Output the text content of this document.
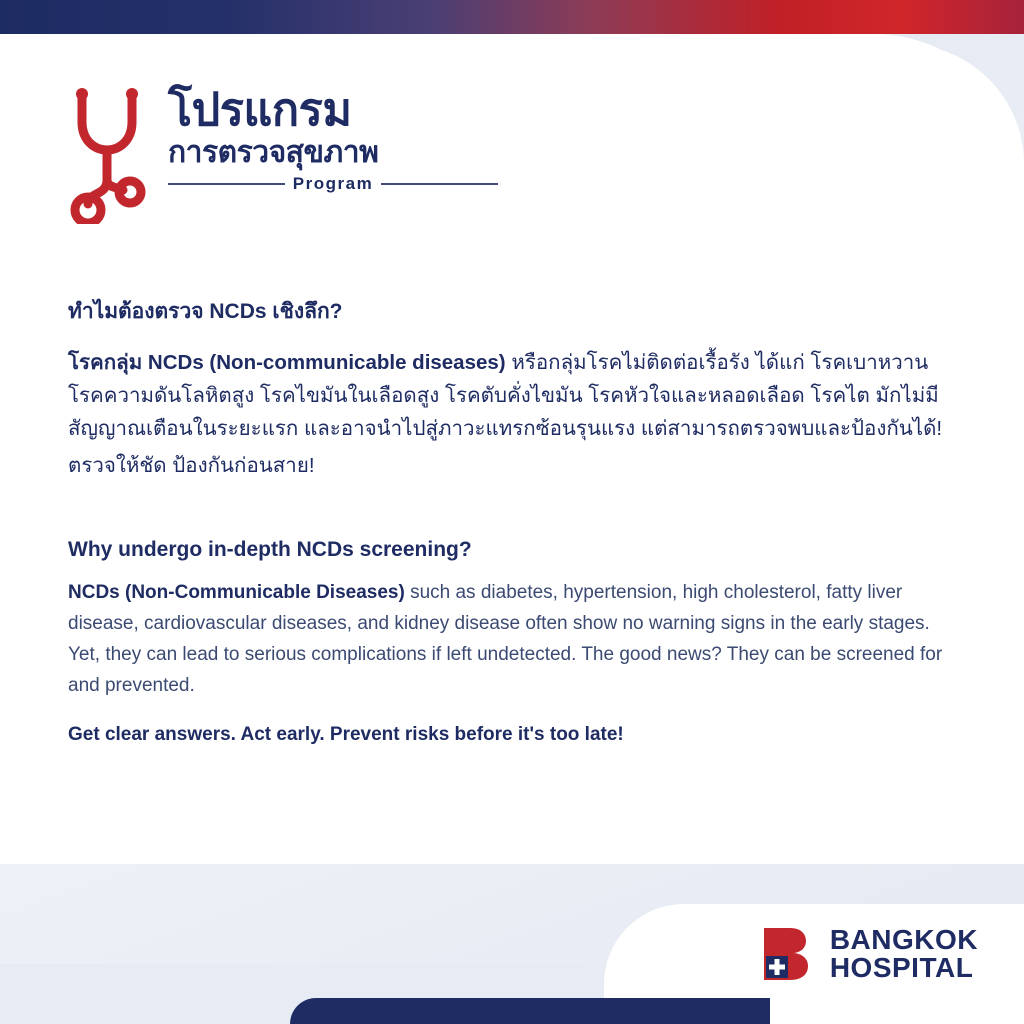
โปรแกรม
การตรวจสุขภาพ
Program
ทำไมต้องตรวจ NCDs เชิงลึก?

โรคกลุ่ม NCDs (Non-communicable diseases) หรือกลุ่มโรคไม่ติดต่อเรื้อรัง ได้แก่ โรคเบาหวาน โรคความดันโลหิตสูง โรคไขมันในเลือดสูง โรคตับคั่งไขมัน โรคหัวใจและหลอดเลือด โรคไต มักไม่มีสัญญาณเตือนในระยะแรก และอาจนำไปสู่ภาวะแทรกซ้อนรุนแรง แต่สามารถตรวจพบและป้องกันได้!

ตรวจให้ชัด ป้องกันก่อนสาย!

Why undergo in-depth NCDs screening?

NCDs (Non-Communicable Diseases) such as diabetes, hypertension, high cholesterol, fatty liver disease, cardiovascular diseases, and kidney disease often show no warning signs in the early stages. Yet, they can lead to serious complications if left undetected. The good news? They can be screened for and prevented.

Get clear answers. Act early. Prevent risks before it's too late!

BANGKOK
HOSPITAL
